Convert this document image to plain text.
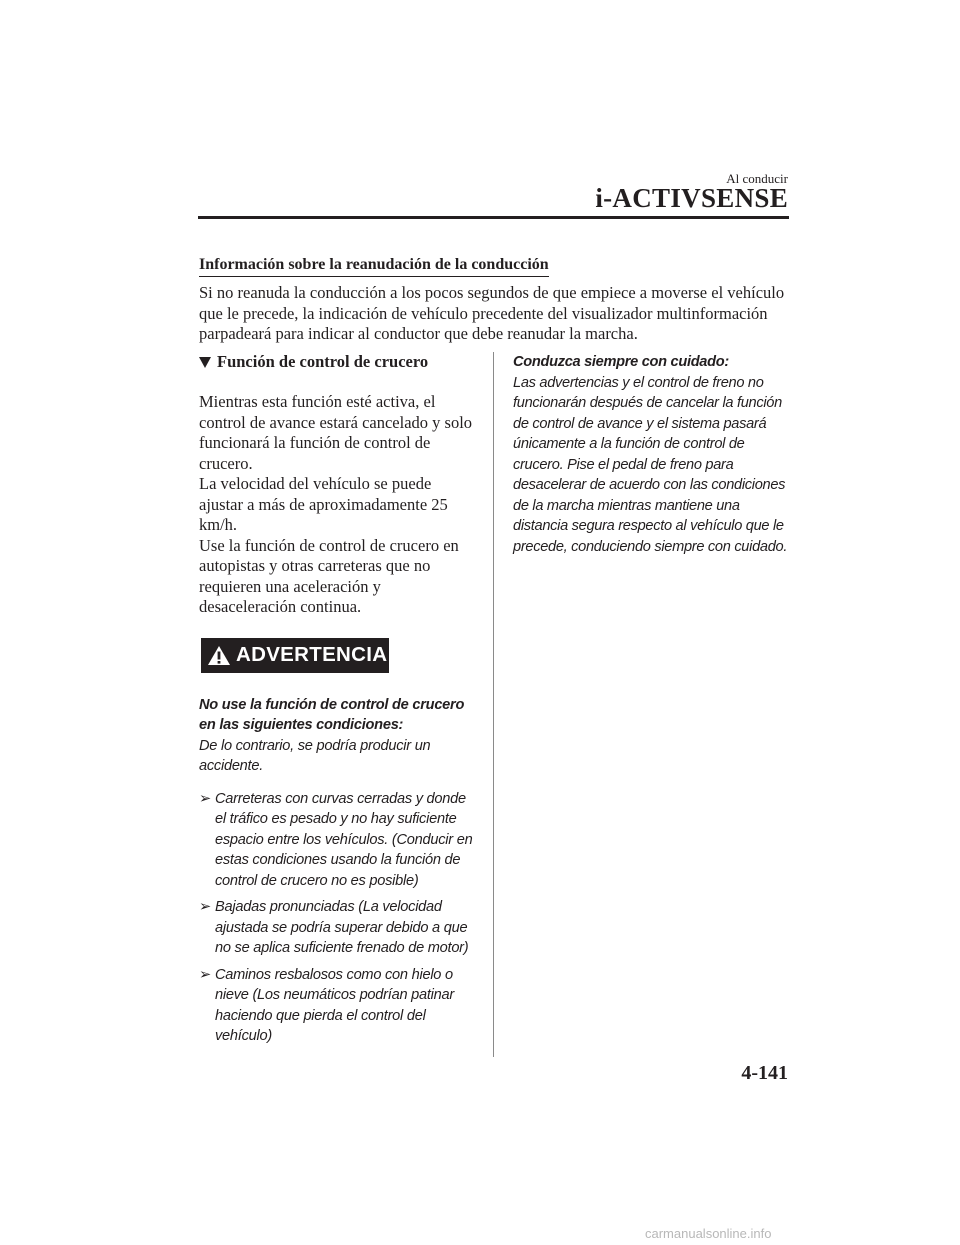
Al conducir

i-ACTIVSENSE
Información sobre la reanudación de la conducción

Si no reanuda la conducción a los pocos segundos de que empiece a moverse el vehículo que le precede, la indicación de vehículo precedente del visualizador multinformación parpadeará para indicar al conductor que debe reanudar la marcha.

Función de control de crucero

Mientras esta función esté activa, el control de avance estará cancelado y solo funcionará la función de control de crucero.
La velocidad del vehículo se puede ajustar a más de aproximadamente 25 km/h.
Use la función de control de crucero en autopistas y otras carreteras que no requieren una aceleración y desaceleración continua.

ADVERTENCIA

No use la función de control de crucero en las siguientes condiciones:

De lo contrario, se podría producir un accidente.

➢ Carreteras con curvas cerradas y donde el tráfico es pesado y no hay suficiente espacio entre los vehículos. (Conducir en estas condiciones usando la función de control de crucero no es posible)
➢ Bajadas pronunciadas (La velocidad ajustada se podría superar debido a que no se aplica suficiente frenado de motor)
➢ Caminos resbalosos como con hielo o nieve (Los neumáticos podrían patinar haciendo que pierda el control del vehículo)

Conduzca siempre con cuidado:

Las advertencias y el control de freno no funcionarán después de cancelar la función de control de avance y el sistema pasará únicamente a la función de control de crucero. Pise el pedal de freno para desacelerar de acuerdo con las condiciones de la marcha mientras mantiene una distancia segura respecto al vehículo que le precede, conduciendo siempre con cuidado.

4-141

carmanualsonline.info
